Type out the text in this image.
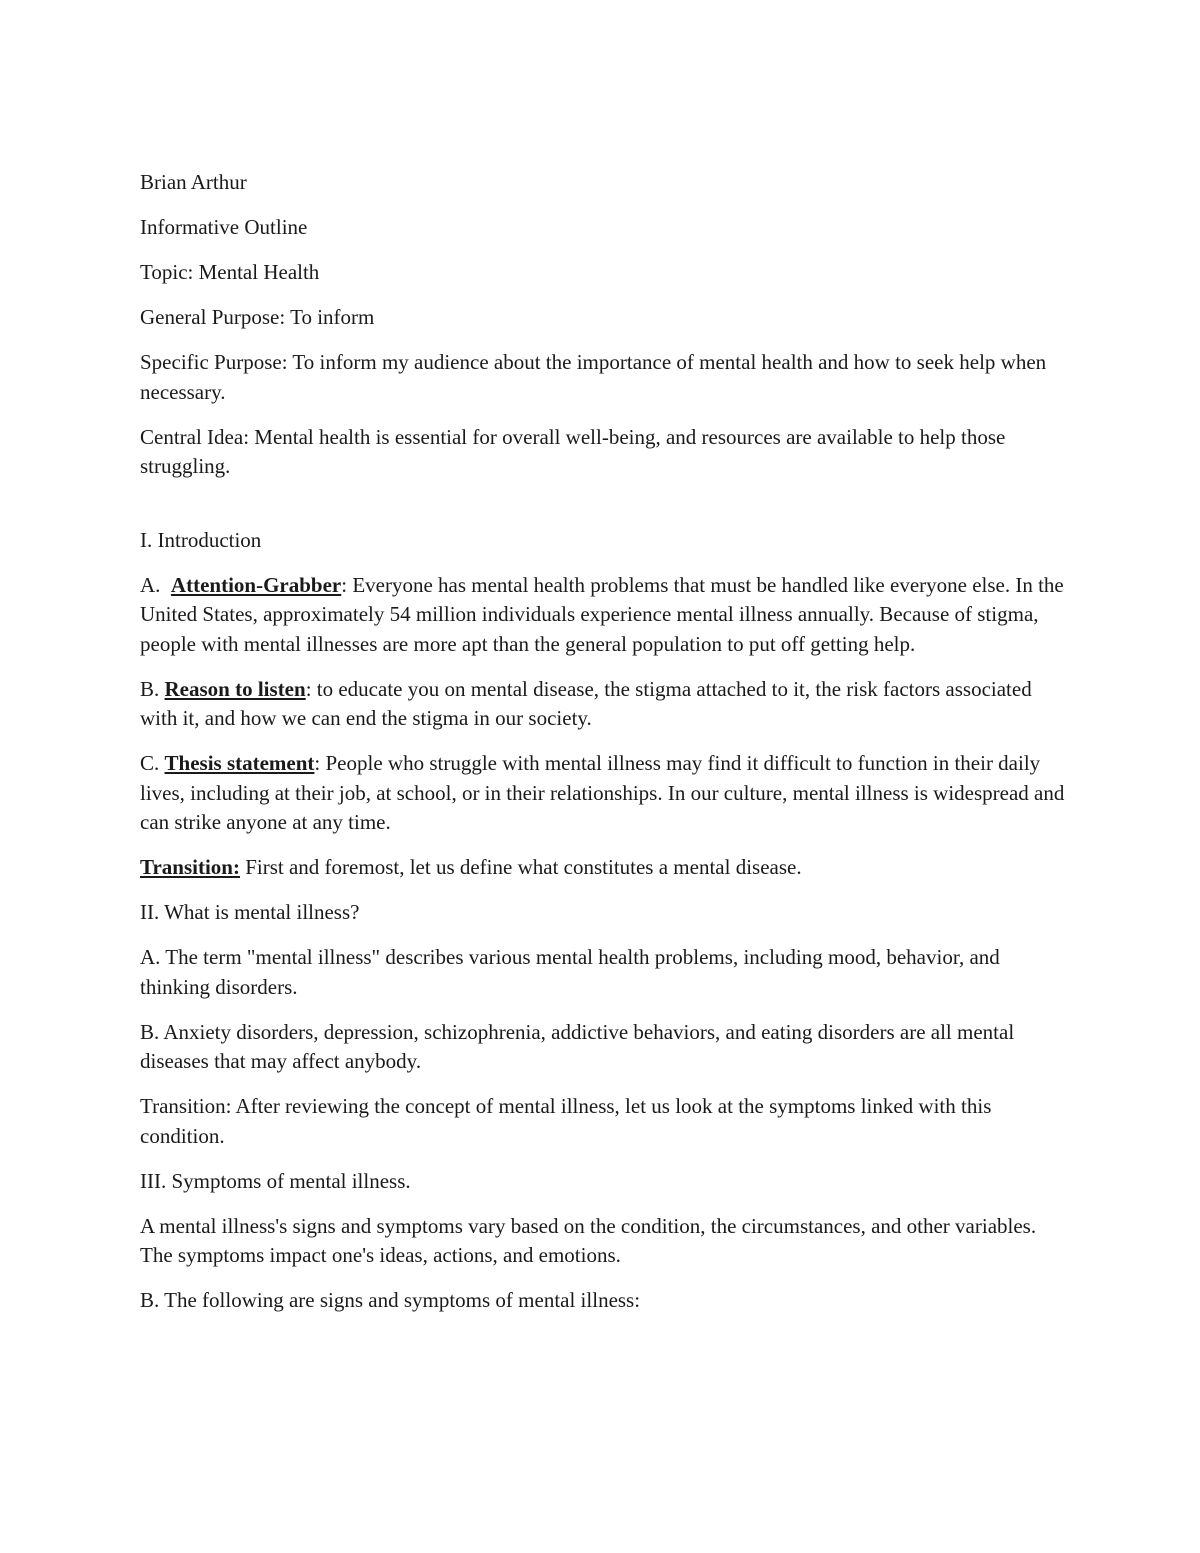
Brian Arthur

Informative Outline

Topic: Mental Health

General Purpose: To inform

Specific Purpose: To inform my audience about the importance of mental health and how to seek help when necessary.

Central Idea: Mental health is essential for overall well-being, and resources are available to help those struggling.

I. Introduction

A.  Attention-Grabber: Everyone has mental health problems that must be handled like everyone else. In the United States, approximately 54 million individuals experience mental illness annually. Because of stigma, people with mental illnesses are more apt than the general population to put off getting help.

B. Reason to listen: to educate you on mental disease, the stigma attached to it, the risk factors associated with it, and how we can end the stigma in our society.

C. Thesis statement: People who struggle with mental illness may find it difficult to function in their daily lives, including at their job, at school, or in their relationships. In our culture, mental illness is widespread and can strike anyone at any time.

Transition: First and foremost, let us define what constitutes a mental disease.

II. What is mental illness?

A. The term "mental illness" describes various mental health problems, including mood, behavior, and thinking disorders.

B. Anxiety disorders, depression, schizophrenia, addictive behaviors, and eating disorders are all mental diseases that may affect anybody.

Transition: After reviewing the concept of mental illness, let us look at the symptoms linked with this condition.

III. Symptoms of mental illness.

A mental illness's signs and symptoms vary based on the condition, the circumstances, and other variables. The symptoms impact one's ideas, actions, and emotions.

B. The following are signs and symptoms of mental illness:
